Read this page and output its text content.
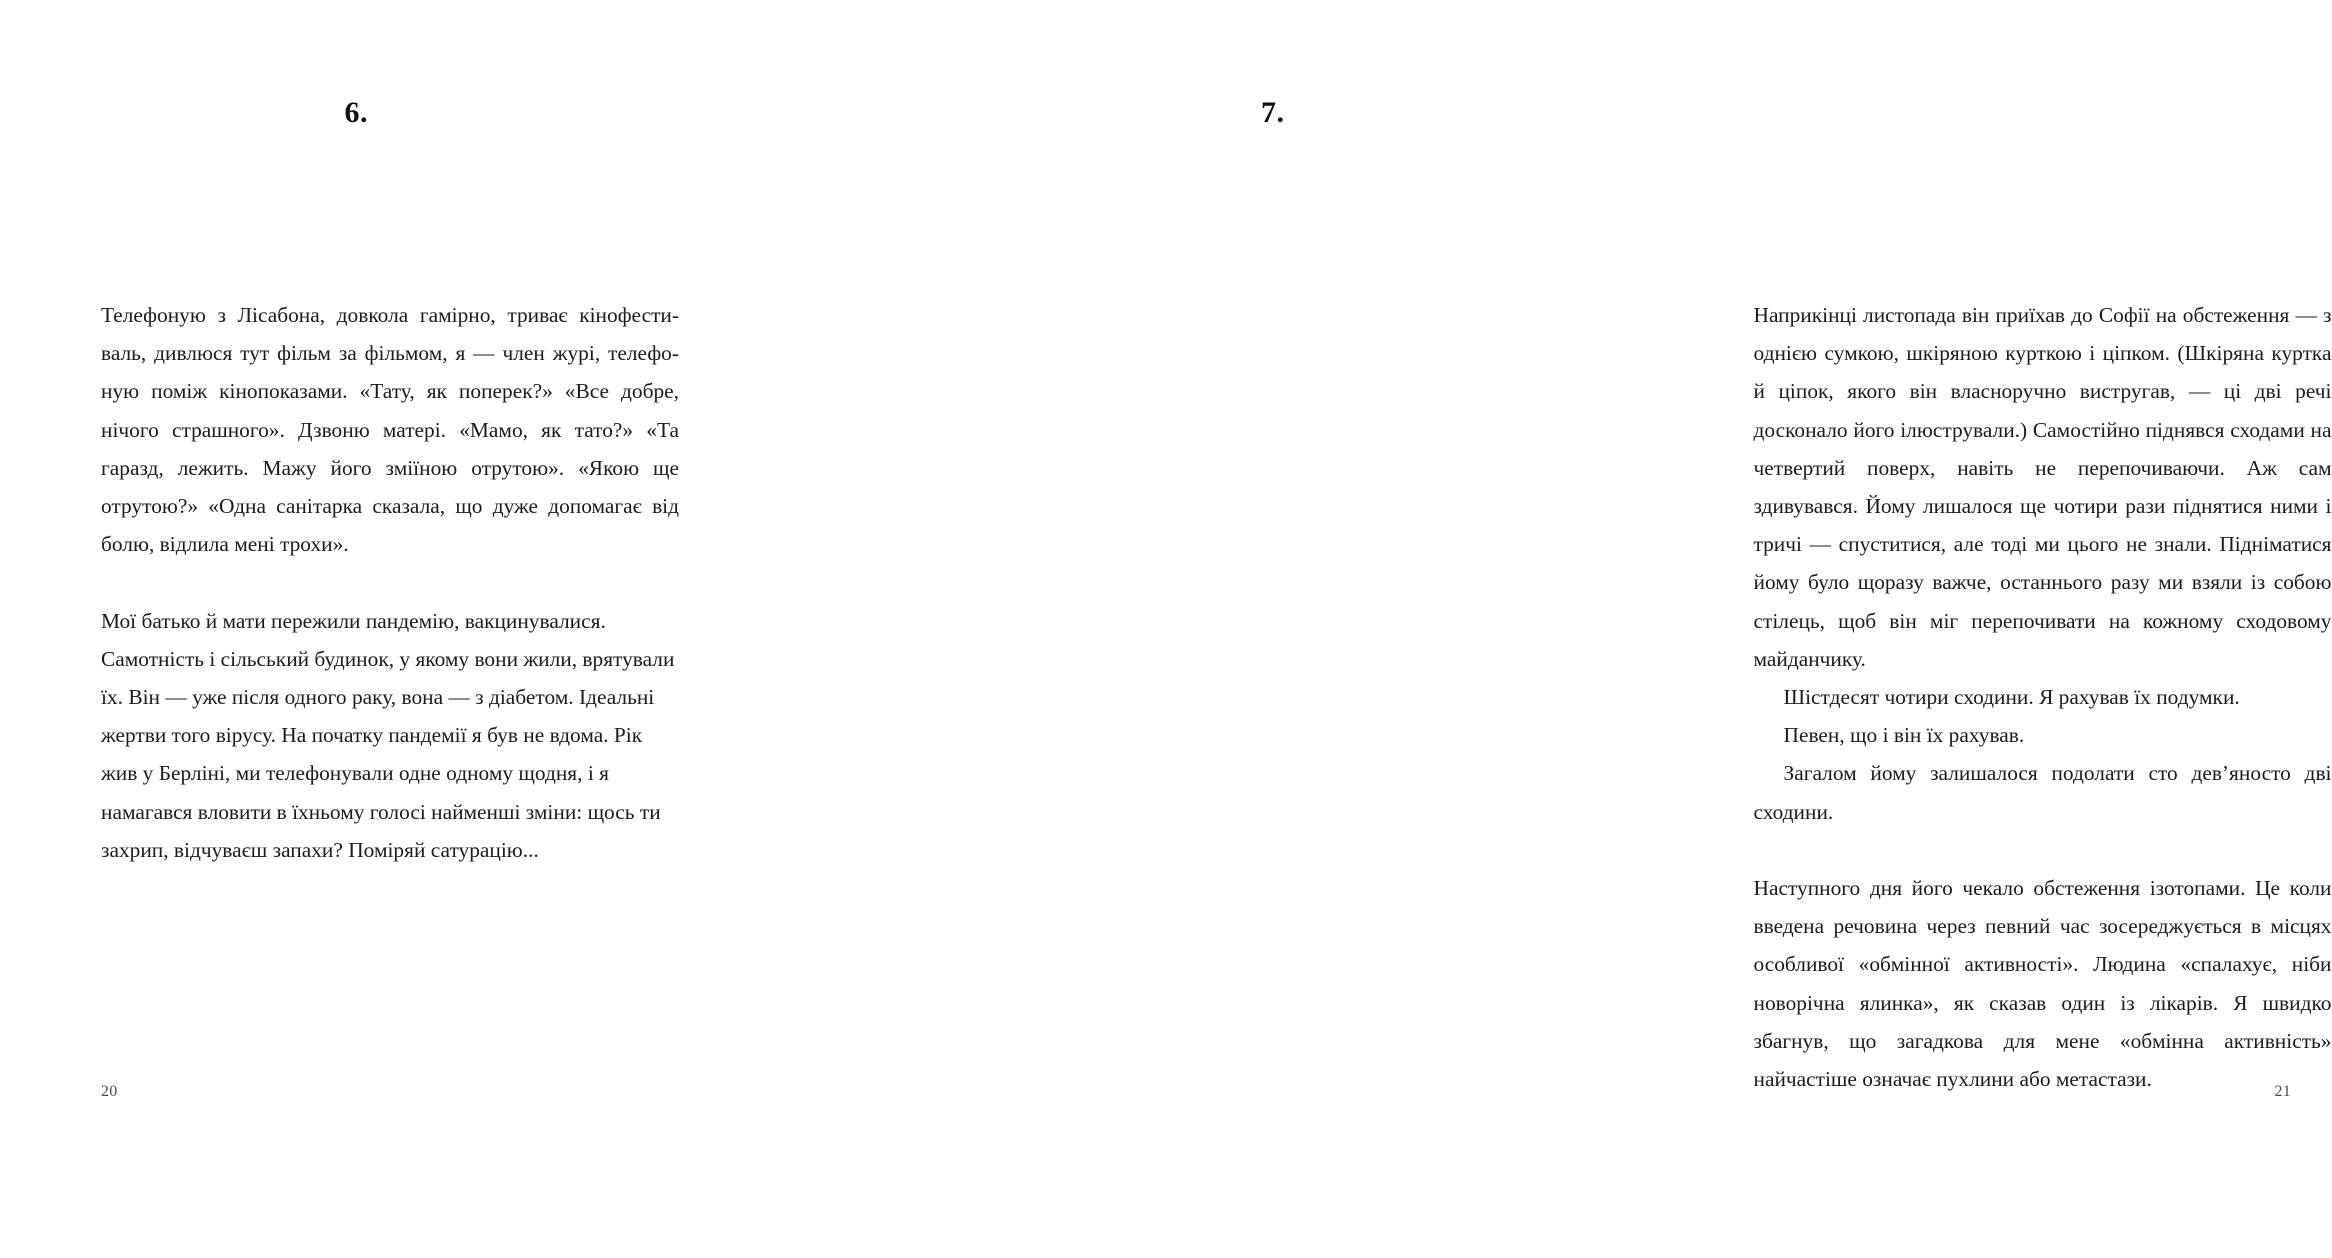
6.

Телефоную з Лісабона, довкола гамірно, триває кінофестиваль, дивлюся тут фільм за фільмом, я — член журі, телефоную поміж кінопоказами. «Тату, як поперек?» «Все добре, нічого страшного». Дзвоню матері. «Мамо, як тато?» «Та гаразд, лежить. Мажу його зміїною отрутою». «Якою ще отрутою?» «Одна санітарка сказала, що дуже допомагає від болю, відлила мені трохи».

Мої батько й мати пережили пандемію, вакцинувалися. Самотність і сільський будинок, у якому вони жили, врятували їх. Він — уже після одного раку, вона — з діабетом. Ідеальні жертви того вірусу. На початку пандемії я був не вдома. Рік жив у Берліні, ми телефонували одне одному щодня, і я намагався вловити в їхньому голосі найменші зміни: щось ти захрип, відчуваєш запахи? Поміряй сатурацію...

20
7.

Наприкінці листопада він приїхав до Софії на обстеження — з однією сумкою, шкіряною курткою і ціпком. (Шкіряна куртка й ціпок, якого він власноручно вистругав, — ці дві речі досконало його ілюстрували.) Самостійно піднявся сходами на четвертий поверх, навіть не перепочиваючи. Аж сам здивувався. Йому лишалося ще чотири рази піднятися ними і тричі — спуститися, але тоді ми цього не знали. Підніматися йому було щоразу важче, останнього разу ми взяли із собою стілець, щоб він міг перепочивати на кожному сходовому майданчику.

Шістдесят чотири сходини. Я рахував їх подумки.

Певен, що і він їх рахував.

Загалом йому залишалося подолати сто дев’яносто дві сходини.

Наступного дня його чекало обстеження ізотопами. Це коли введена речовина через певний час зосереджується в місцях особливої «обмінної активності». Людина «спалахує, ніби новорічна ялинка», як сказав один із лікарів. Я швидко збагнув, що загадкова для мене «обмінна активність» найчастіше означає пухлини або метастази.

21
